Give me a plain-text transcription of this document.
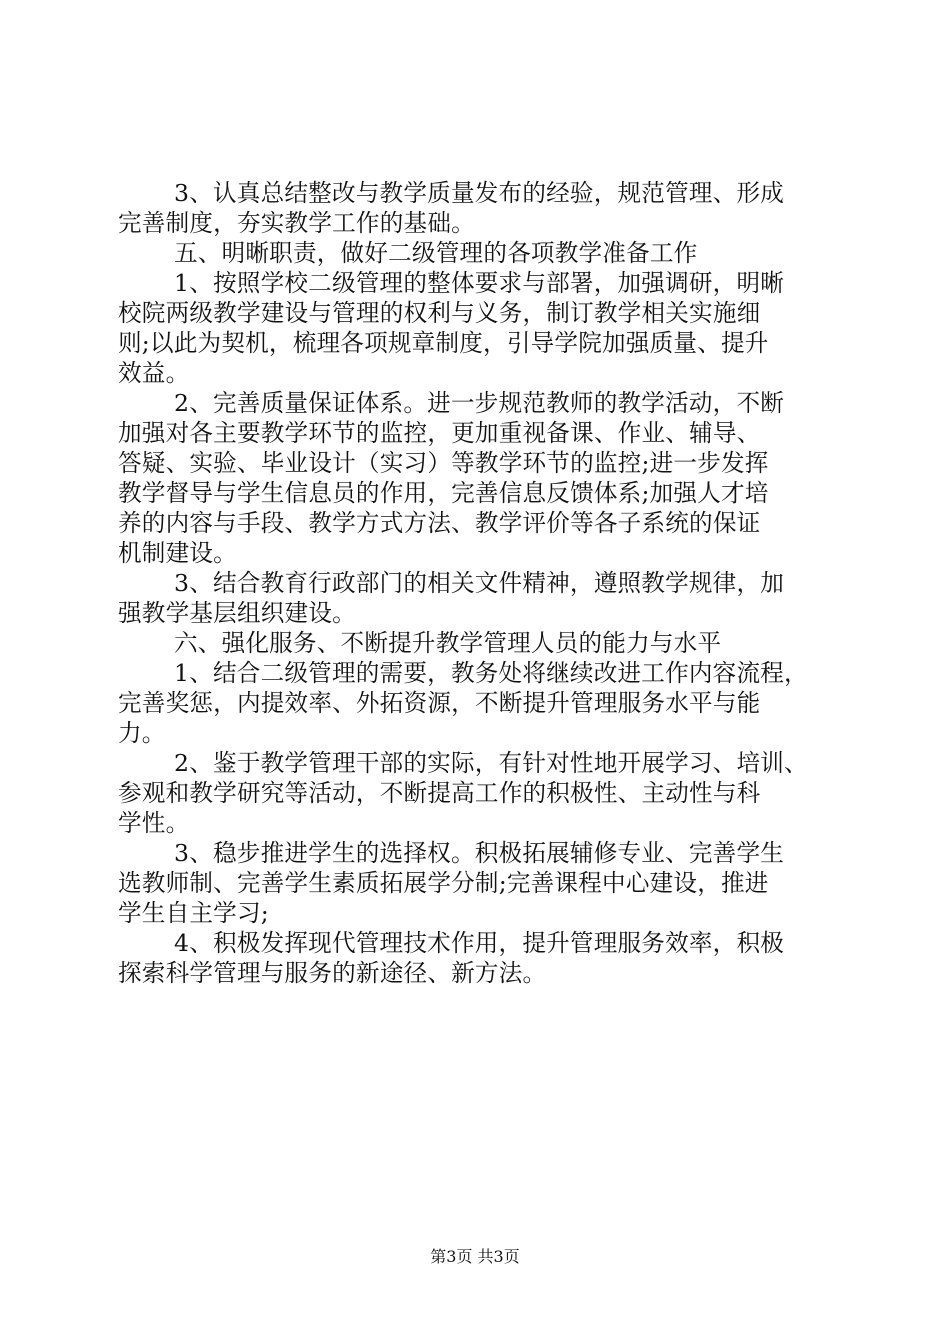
3、认真总结整改与教学质量发布的经验，规范管理、形成
完善制度，夯实教学工作的基础。
五、明晰职责，做好二级管理的各项教学准备工作
1、按照学校二级管理的整体要求与部署，加强调研，明晰
校院两级教学建设与管理的权利与义务，制订教学相关实施细
则;以此为契机，梳理各项规章制度，引导学院加强质量、提升
效益。
2、完善质量保证体系。进一步规范教师的教学活动，不断
加强对各主要教学环节的监控，更加重视备课、作业、辅导、
答疑、实验、毕业设计（实习）等教学环节的监控;进一步发挥
教学督导与学生信息员的作用，完善信息反馈体系;加强人才培
养的内容与手段、教学方式方法、教学评价等各子系统的保证
机制建设。
3、结合教育行政部门的相关文件精神，遵照教学规律，加
强教学基层组织建设。
六、强化服务、不断提升教学管理人员的能力与水平
1、结合二级管理的需要，教务处将继续改进工作内容流程，
完善奖惩，内提效率、外拓资源，不断提升管理服务水平与能
力。
2、鉴于教学管理干部的实际，有针对性地开展学习、培训、
参观和教学研究等活动，不断提高工作的积极性、主动性与科
学性。
3、稳步推进学生的选择权。积极拓展辅修专业、完善学生
选教师制、完善学生素质拓展学分制;完善课程中心建设，推进
学生自主学习;
4、积极发挥现代管理技术作用，提升管理服务效率，积极
探索科学管理与服务的新途径、新方法。
第3页 共3页
